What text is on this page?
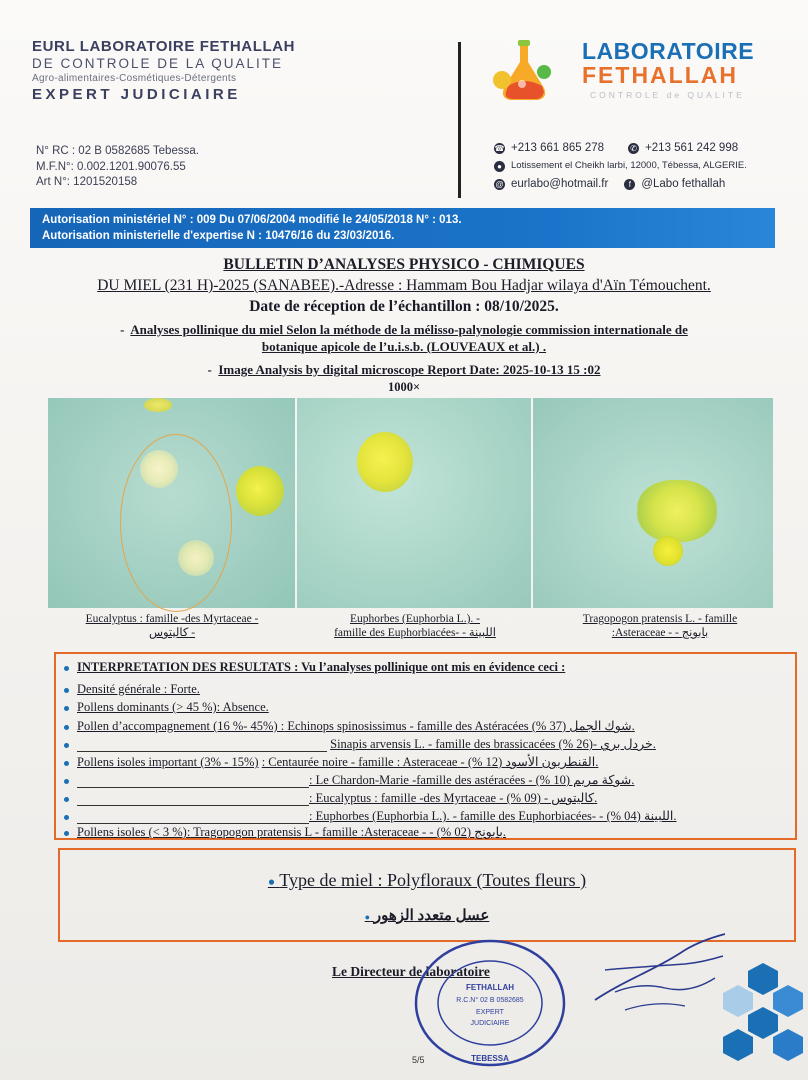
EURL LABORATOIRE FETHALLAH
DE CONTROLE DE LA QUALITE
Agro-alimentaires-Cosmétiques-Détergents
EXPERT JUDICIAIRE
N° RC : 02 B 0582685 Tebessa.
M.F.N°: 0.002.1201.90076.55
Art N°: 1201520158
LABORATOIRE
FETHALLAH
CONTROLE de QUALITE
☎ +213 661 865 278	✆ +213 561 242 998
● Lotissement el Cheikh larbi, 12000, Tébessa, ALGERIE.
@ eurlabo@hotmail.fr	f @Labo fethallah
Autorisation ministériel N° : 009 Du 07/06/2004 modifié le 24/05/2018 N° : 013.
Autorisation ministerielle d'expertise N : 10476/16 du 23/03/2016.
BULLETIN D’ANALYSES PHYSICO - CHIMIQUES
DU MIEL (231 H)-2025 (SANABEE).-Adresse : Hammam Bou Hadjar wilaya d'Aïn Témouchent.
Date de réception de l’échantillon : 08/10/2025.
-  Analyses pollinique du miel Selon la méthode de la mélisso-palynologie commission internationale de
botanique apicole de l’u.i.s.b. (LOUVEAUX et al.) .
-  Image Analysis by digital microscope Report Date: 2025-10-13 15 :02
1000×
Eucalyptus : famille -des Myrtaceae -
كاليتوس -
Euphorbes (Euphorbia L.). -
famille des Euphorbiacées- - اللبينة
Tragopogon pratensis L. - famille
:Asteraceae - - بابونج
INTERPRETATION DES RESULTATS : Vu l’analyses pollinique ont mis en évidence ceci :
Densité générale : Forte.
Pollens dominants (> 45 %): Absence.
Pollen d’accompagnement (16 %- 45%) : Echinops spinosissimus - famille des Astéracées شوك الجمل (37 %).
Sinapis arvensis L. - famille des brassicacées خردل بري -(26 %).
Pollens isoles important (3% - 15%) : Centaurée noire - famille : Asteraceae - القنطريون الأسود (12 %).
: Le Chardon-Marie -famille des astéracées - شوكة مريم (10 %).
: Eucalyptus : famille -des Myrtaceae - كاليتوس - (09 %).
: Euphorbes (Euphorbia L.). - famille des Euphorbiacées- - اللبينة (04 %).
Pollens isoles (< 3 %): Tragopogon pratensis L - famille :Asteraceae - - بابونج (02 %).
● Type de miel : Polyfloraux (Toutes fleurs )
● عسل متعدد الزهور
Le Directeur de laboratoire
FETHALLAH
R.C.N° 02 B 0582685
EXPERT
JUDICIAIRE
TEBESSA
5/5
